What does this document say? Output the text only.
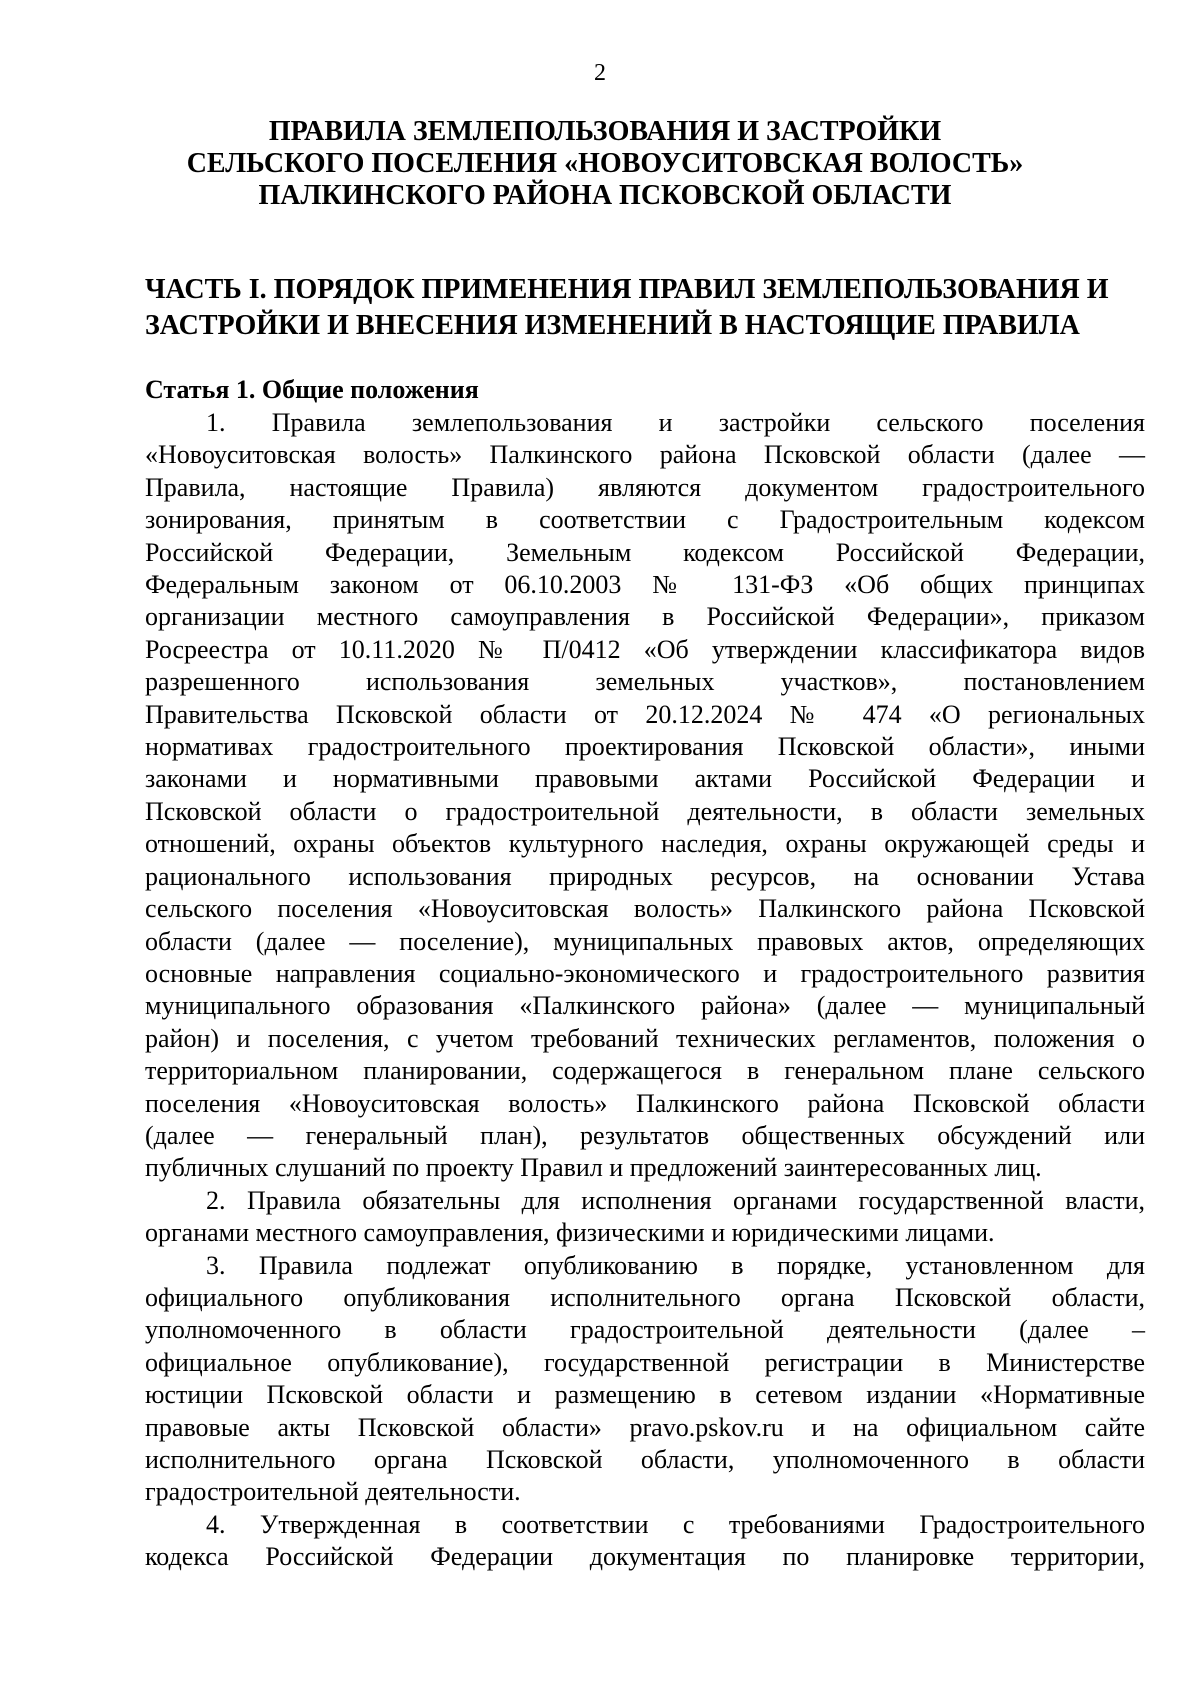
2
ПРАВИЛА ЗЕМЛЕПОЛЬЗОВАНИЯ И ЗАСТРОЙКИ
СЕЛЬСКОГО ПОСЕЛЕНИЯ «НОВОУСИТОВСКАЯ ВОЛОСТЬ»
ПАЛКИНСКОГО РАЙОНА ПСКОВСКОЙ ОБЛАСТИ
ЧАСТЬ I. ПОРЯДОК ПРИМЕНЕНИЯ ПРАВИЛ ЗЕМЛЕПОЛЬЗОВАНИЯ И
ЗАСТРОЙКИ И ВНЕСЕНИЯ ИЗМЕНЕНИЙ В НАСТОЯЩИЕ ПРАВИЛА
Статья 1. Общие положения
1. Правила землепользования и застройки сельского поселения
«Новоуситовская волость» Палкинского района Псковской области (далее —
Правила, настоящие Правила) являются документом градостроительного
зонирования, принятым в соответствии с Градостроительным кодексом
Российской Федерации, Земельным кодексом Российской Федерации,
Федеральным законом от 06.10.2003 № 131-ФЗ «Об общих принципах
организации местного самоуправления в Российской Федерации», приказом
Росреестра от 10.11.2020 № П/0412 «Об утверждении классификатора видов
разрешенного использования земельных участков», постановлением
Правительства Псковской области от 20.12.2024 № 474 «О региональных
нормативах градостроительного проектирования Псковской области», иными
законами и нормативными правовыми актами Российской Федерации и
Псковской области о градостроительной деятельности, в области земельных
отношений, охраны объектов культурного наследия, охраны окружающей среды и
рационального использования природных ресурсов, на основании Устава
сельского поселения «Новоуситовская волость» Палкинского района Псковской
области (далее — поселение), муниципальных правовых актов, определяющих
основные направления социально-экономического и градостроительного развития
муниципального образования «Палкинского района» (далее — муниципальный
район) и поселения, с учетом требований технических регламентов, положения о
территориальном планировании, содержащегося в генеральном плане сельского
поселения «Новоуситовская волость» Палкинского района Псковской области
(далее — генеральный план), результатов общественных обсуждений или
публичных слушаний по проекту Правил и предложений заинтересованных лиц.
2. Правила обязательны для исполнения органами государственной власти,
органами местного самоуправления, физическими и юридическими лицами.
3. Правила подлежат опубликованию в порядке, установленном для
официального опубликования исполнительного органа Псковской области,
уполномоченного в области градостроительной деятельности (далее –
официальное опубликование), государственной регистрации в Министерстве
юстиции Псковской области и размещению в сетевом издании «Нормативные
правовые акты Псковской области» pravo.pskov.ru и на официальном сайте
исполнительного органа Псковской области, уполномоченного в области
градостроительной деятельности.
4. Утвержденная в соответствии с требованиями Градостроительного
кодекса Российской Федерации документация по планировке территории,
